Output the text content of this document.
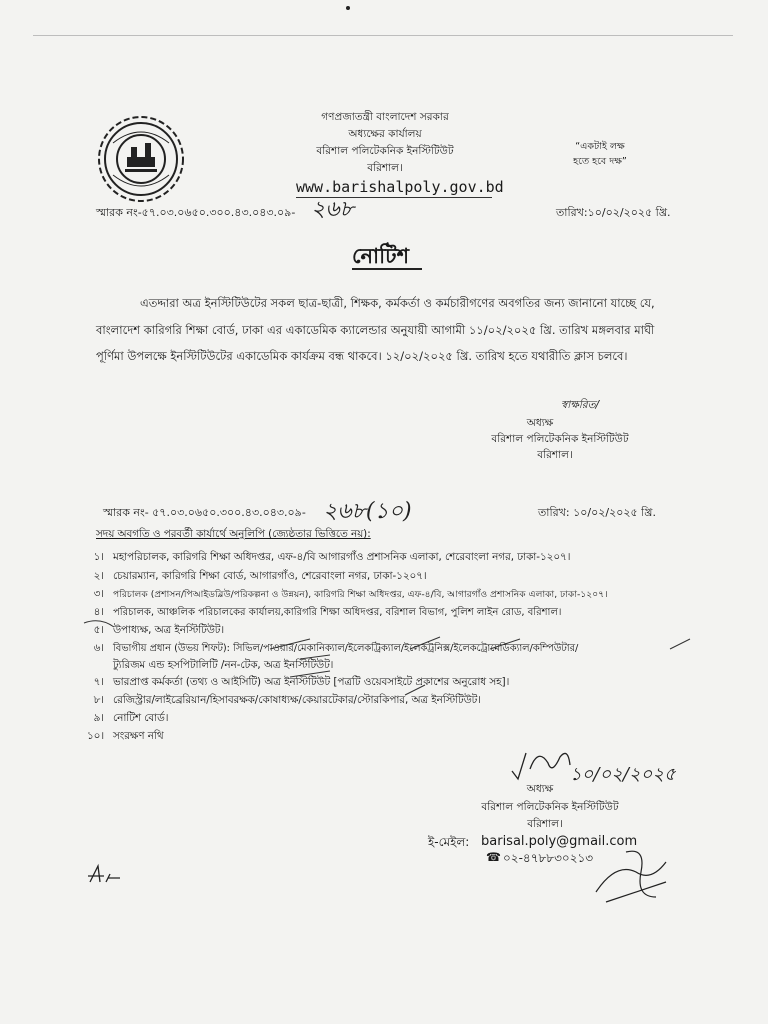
গণপ্রজাতন্ত্রী বাংলাদেশ সরকার
অধ্যক্ষের কার্যালয়
বরিশাল পলিটেকনিক ইনস্টিটিউট
বরিশাল।
www.barishalpoly.gov.bd
“একটাই লক্ষ
হতে হবে দক্ষ”
স্মারক নং-৫৭.০৩.০৬৫০.৩০০.৪৩.০৪৩.০৯- ২৬৮	তারিখ:১০/০২/২০২৫ খ্রি.
নোটিশ
এতদ্দারা অত্র ইনস্টিটিউটের সকল ছাত্র-ছাত্রী, শিক্ষক, কর্মকর্তা ও কর্মচারীগণের অবগতির জন্য জানানো যাচ্ছে যে,
বাংলাদেশ কারিগরি শিক্ষা বোর্ড, ঢাকা এর একাডেমিক ক্যালেন্ডার অনুযায়ী আগামী ১১/০২/২০২৫ খ্রি. তারিখ মঙ্গলবার মাঘী
পূর্ণিমা উপলক্ষে ইনস্টিটিউটের একাডেমিক কার্যক্রম বন্ধ থাকবে। ১২/০২/২০২৫ খ্রি. তারিখ হতে যথারীতি ক্লাস চলবে।
স্বাক্ষরিত/
অধ্যক্ষ
বরিশাল পলিটেকনিক ইনস্টিটিউট
বরিশাল।
স্মারক নং- ৫৭.০৩.০৬৫০.৩০০.৪৩.০৪৩.০৯- ২৬৮(১০)	তারিখ: ১০/০২/২০২৫ খ্রি.
সদয় অবগতি ও পরবর্তী কার্যার্থে অনুলিপি (জ্যেষ্ঠতার ভিত্তিতে নয়):
১। মহাপরিচালক, কারিগরি শিক্ষা অধিদপ্তর, এফ-৪/বি আগারগাঁও প্রশাসনিক এলাকা, শেরেবাংলা নগর, ঢাকা-১২০৭।
২। চেয়ারম্যান, কারিগরি শিক্ষা বোর্ড, আগারগাঁও, শেরেবাংলা নগর, ঢাকা-১২০৭।
৩। পরিচালক (প্রশাসন/পিআইডব্লিউ/পরিকল্পনা ও উন্নয়ন), কারিগরি শিক্ষা অধিদপ্তর, এফ-৪/বি, আগারগাঁও প্রশাসনিক এলাকা, ঢাকা-১২০৭।
৪। পরিচালক, আঞ্চলিক পরিচালকের কার্যালয়,কারিগরি শিক্ষা অধিদপ্তর, বরিশাল বিভাগ, পুলিশ লাইন রোড, বরিশাল।
৫। উপাধ্যক্ষ, অত্র ইনস্টিটিউট।
৬। বিভাগীয় প্রধান (উভয় শিফট): সিভিল/পাওয়ার/মেকানিক্যাল/ইলেকট্রিক্যাল/ইলেকট্রনিক্স/ইলেকট্রোমেডিক্যাল/কম্পিউটার/
ট্যুরিজম এন্ড হসপিটালিটি /নন-টেক, অত্র ইনস্টিটিউট।
৭। ভারপ্রাপ্ত কর্মকর্তা (তথ্য ও আইসিটি) অত্র ইনস্টিটিউট [পত্রটি ওয়েবসাইটে প্রকাশের অনুরোধ সহ]।
৮। রেজিস্ট্রার/লাইব্রেরিয়ান/হিসাবরক্ষক/কোষাধ্যক্ষ/কেয়ারটেকার/স্টোরকিপার, অত্র ইনস্টিটিউট।
৯। নোটিশ বোর্ড।
১০। সংরক্ষণ নথি
১০/০২/২০২৫
অধ্যক্ষ
বরিশাল পলিটেকনিক ইনস্টিটিউট
বরিশাল।
ই-মেইল: barisal.poly@gmail.com
☎ ০২-৪৭৮৮৩০২১৩
